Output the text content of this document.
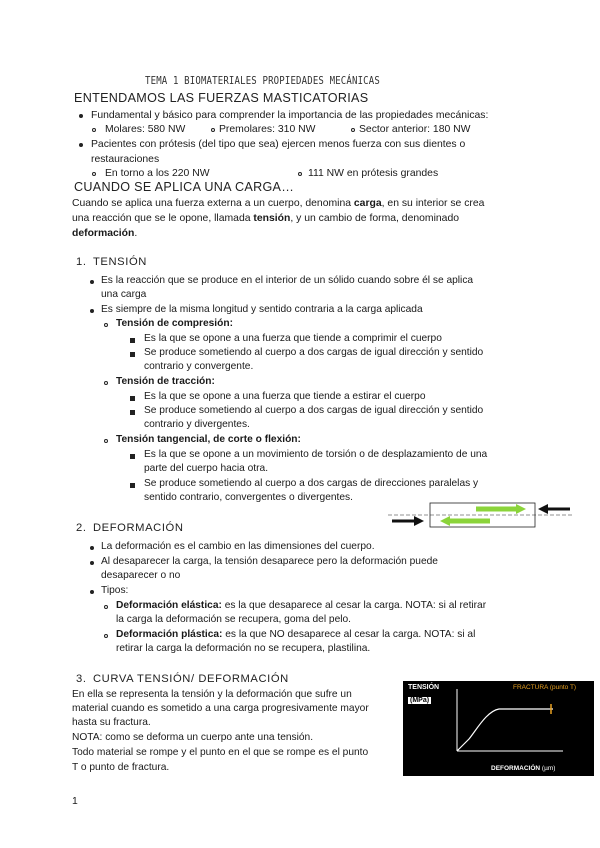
TEMA 1 BIOMATERIALES PROPIEDADES MECÁNICAS
ENTENDAMOS LAS FUERZAS MASTICATORIAS
Fundamental y básico para comprender la importancia de las propiedades mecánicas:
Molares: 580 NW	Premolares: 310 NW	Sector anterior: 180 NW
Pacientes con prótesis (del tipo que sea) ejercen menos fuerza con sus dientes o
restauraciones
En torno a los 220 NW	111 NW en prótesis grandes
CUANDO SE APLICA UNA CARGA…
Cuando se aplica una fuerza externa a un cuerpo, denomina carga, en su interior se crea
una reacción que se le opone, llamada tensión, y un cambio de forma, denominado
deformación.
1. TENSIÓN
Es la reacción que se produce en el interior de un sólido cuando sobre él se aplica
una carga
Es siempre de la misma longitud y sentido contraria a la carga aplicada
Tensión de compresión:
Es la que se opone a una fuerza que tiende a comprimir el cuerpo
Se produce sometiendo al cuerpo a dos cargas de igual dirección y sentido
contrario y convergente.
Tensión de tracción:
Es la que se opone a una fuerza que tiende a estirar el cuerpo
Se produce sometiendo al cuerpo a dos cargas de igual dirección y sentido
contrario y divergentes.
Tensión tangencial, de corte o flexión:
Es la que se opone a un movimiento de torsión o de desplazamiento de una
parte del cuerpo hacia otra.
Se produce sometiendo al cuerpo a dos cargas de direcciones paralelas y
sentido contrario, convergentes o divergentes.
2. DEFORMACIÓN
La deformación es el cambio en las dimensiones del cuerpo.
Al desaparecer la carga, la tensión desaparece pero la deformación puede
desaparecer o no
Tipos:
Deformación elástica: es la que desaparece al cesar la carga. NOTA: si al retirar
la carga la deformación se recupera, goma del pelo.
Deformación plástica: es la que NO desaparece al cesar la carga. NOTA: si al
retirar la carga la deformación no se recupera, plastilina.
3. CURVA TENSIÓN/ DEFORMACIÓN
En ella se representa la tensión y la deformación que sufre un
material cuando es sometido a una carga progresivamente mayor
hasta su fractura.
NOTA: como se deforma un cuerpo ante una tensión.
Todo material se rompe y el punto en el que se rompe es el punto
T o punto de fractura.
TENSIÓN
(MPa)
FRACTURA (punto T)
DEFORMACIÓN (µm)
1
